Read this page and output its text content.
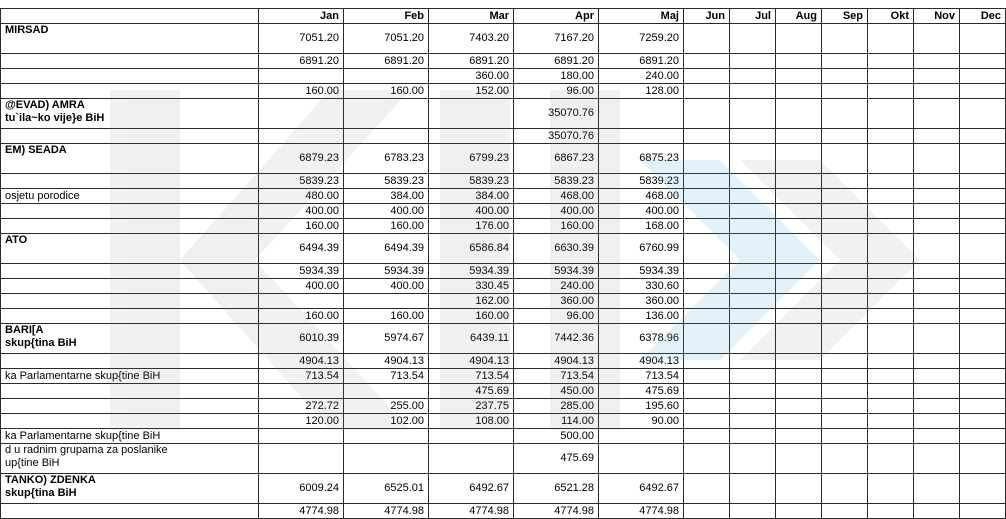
	Jan	Feb	Mar	Apr	Maj	Jun	Jul	Aug	Sep	Okt	Nov	Dec
MIRSAD	7051.20	7051.20	7403.20	7167.20	7259.20							
	6891.20	6891.20	6891.20	6891.20	6891.20							
			360.00	180.00	240.00							
	160.00	160.00	152.00	96.00	128.00							
@EVAD) AMRA
tu`ila~ko vije}e BiH				35070.76								
				35070.76								
EM) SEADA	6879.23	6783.23	6799.23	6867.23	6875.23							
	5839.23	5839.23	5839.23	5839.23	5839.23							
osjetu porodice	480.00	384.00	384.00	468.00	468.00							
	400.00	400.00	400.00	400.00	400.00							
	160.00	160.00	176.00	160.00	168.00							
ATO	6494.39	6494.39	6586.84	6630.39	6760.99							
	5934.39	5934.39	5934.39	5934.39	5934.39							
	400.00	400.00	330.45	240.00	330.60							
			162.00	360.00	360.00							
	160.00	160.00	160.00	96.00	136.00							
BARI[A
skup{tina BiH	6010.39	5974.67	6439.11	7442.36	6378.96							
	4904.13	4904.13	4904.13	4904.13	4904.13							
ka Parlamentarne skup{tine BiH	713.54	713.54	713.54	713.54	713.54							
			475.69	450.00	475.69							
	272.72	255.00	237.75	285.00	195.60							
	120.00	102.00	108.00	114.00	90.00							
ka Parlamentarne skup{tine BiH				500.00								
d u radnim grupama za poslanike
up{tine BiH				475.69								
TANKO) ZDENKA
skup{tina BiH	6009.24	6525.01	6492.67	6521.28	6492.67							
	4774.98	4774.98	4774.98	4774.98	4774.98							
